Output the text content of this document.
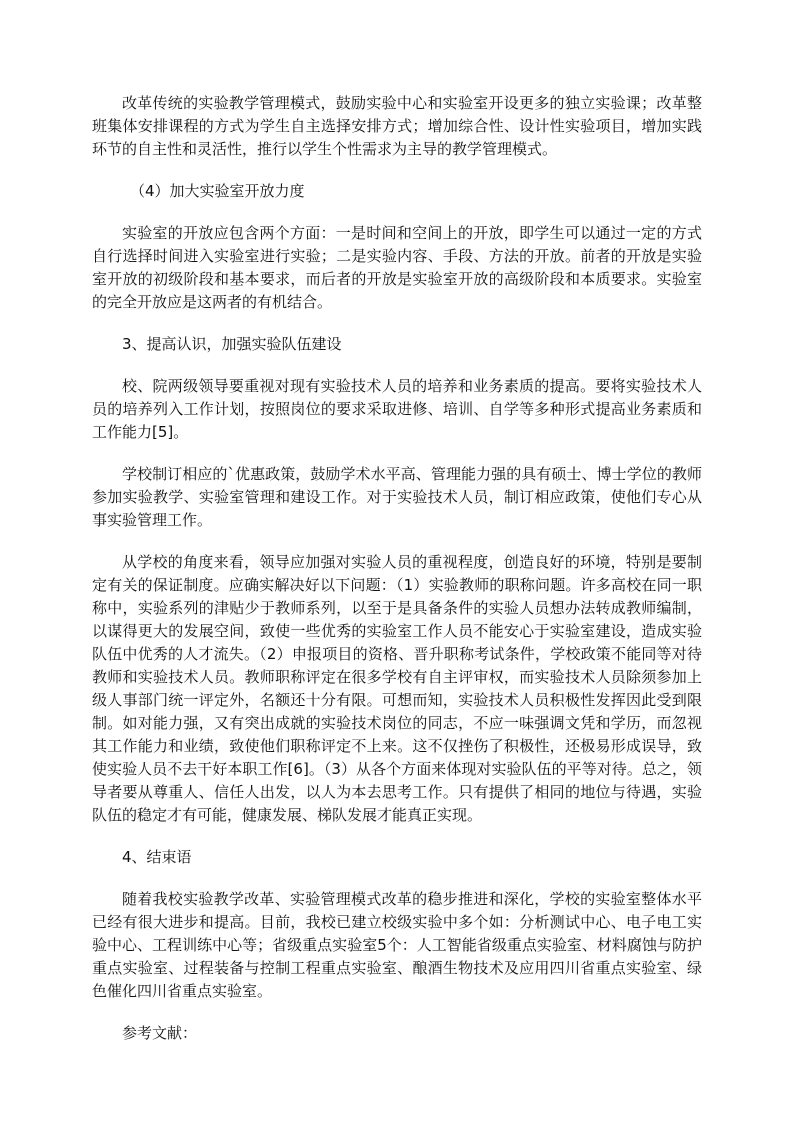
改革传统的实验教学管理模式，鼓励实验中心和实验室开设更多的独立实验课；改革整班集体安排课程的方式为学生自主选择安排方式；增加综合性、设计性实验项目，增加实践环节的自主性和灵活性，推行以学生个性需求为主导的教学管理模式。

（4）加大实验室开放力度

实验室的开放应包含两个方面：一是时间和空间上的开放，即学生可以通过一定的方式自行选择时间进入实验室进行实验；二是实验内容、手段、方法的开放。前者的开放是实验室开放的初级阶段和基本要求，而后者的开放是实验室开放的高级阶段和本质要求。实验室的完全开放应是这两者的有机结合。

3、提高认识，加强实验队伍建设

校、院两级领导要重视对现有实验技术人员的培养和业务素质的提高。要将实验技术人员的培养列入工作计划，按照岗位的要求采取进修、培训、自学等多种形式提高业务素质和工作能力[5]。

学校制订相应的`优惠政策，鼓励学术水平高、管理能力强的具有硕士、博士学位的教师参加实验教学、实验室管理和建设工作。对于实验技术人员，制订相应政策，使他们专心从事实验管理工作。

从学校的角度来看，领导应加强对实验人员的重视程度，创造良好的环境，特别是要制定有关的保证制度。应确实解决好以下问题：（1）实验教师的职称问题。许多高校在同一职称中，实验系列的津贴少于教师系列，以至于是具备条件的实验人员想办法转成教师编制，以谋得更大的发展空间，致使一些优秀的实验室工作人员不能安心于实验室建设，造成实验队伍中优秀的人才流失。（2）申报项目的资格、晋升职称考试条件，学校政策不能同等对待教师和实验技术人员。教师职称评定在很多学校有自主评审权，而实验技术人员除须参加上级人事部门统一评定外，名额还十分有限。可想而知，实验技术人员积极性发挥因此受到限制。如对能力强，又有突出成就的实验技术岗位的同志，不应一味强调文凭和学历，而忽视其工作能力和业绩，致使他们职称评定不上来。这不仅挫伤了积极性，还极易形成误导，致使实验人员不去干好本职工作[6]。（3）从各个方面来体现对实验队伍的平等对待。总之，领导者要从尊重人、信任人出发，以人为本去思考工作。只有提供了相同的地位与待遇，实验队伍的稳定才有可能，健康发展、梯队发展才能真正实现。

4、结束语

随着我校实验教学改革、实验管理模式改革的稳步推进和深化，学校的实验室整体水平已经有很大进步和提高。目前，我校已建立校级实验中多个如：分析测试中心、电子电工实验中心、工程训练中心等；省级重点实验室5个：人工智能省级重点实验室、材料腐蚀与防护重点实验室、过程装备与控制工程重点实验室、酿酒生物技术及应用四川省重点实验室、绿色催化四川省重点实验室。

参考文献：
